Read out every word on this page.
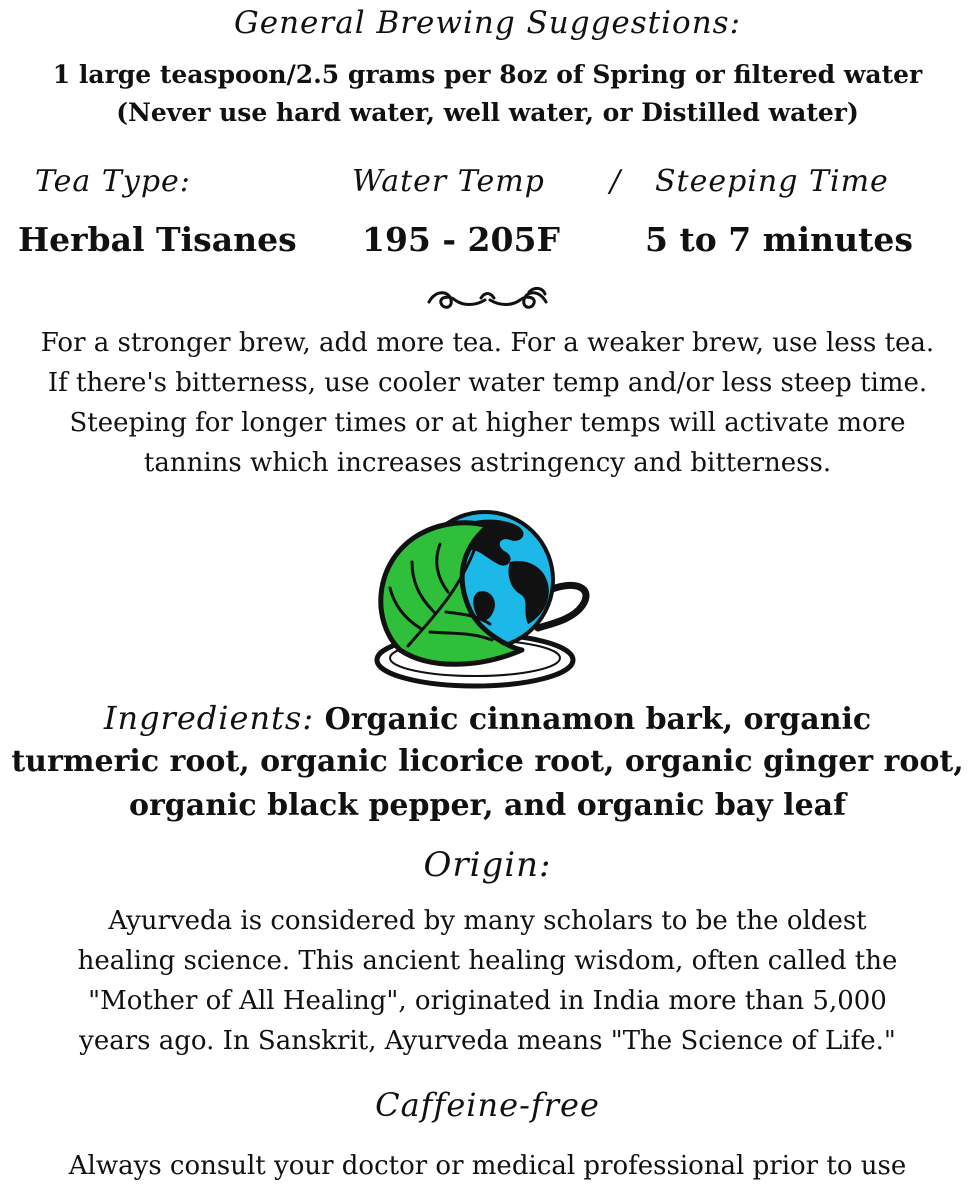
General Brewing Suggestions:
1 large teaspoon/2.5 grams per 8oz of Spring or filtered water
(Never use hard water, well water, or Distilled water)
Tea Type:	Water Temp / Steeping Time
Herbal Tisanes 195 - 205F	5 to 7 minutes
For a stronger brew, add more tea. For a weaker brew, use less tea.
If there's bitterness, use cooler water temp and/or less steep time.
Steeping for longer times or at higher temps will activate more
tannins which increases astringency and bitterness.
Ingredients: Organic cinnamon bark, organic
turmeric root, organic licorice root, organic ginger root,
organic black pepper, and organic bay leaf
Origin:
Ayurveda is considered by many scholars to be the oldest
healing science. This ancient healing wisdom, often called the
"Mother of All Healing", originated in India more than 5,000
years ago. In Sanskrit, Ayurveda means "The Science of Life."
Caffeine-free
Always consult your doctor or medical professional prior to use
